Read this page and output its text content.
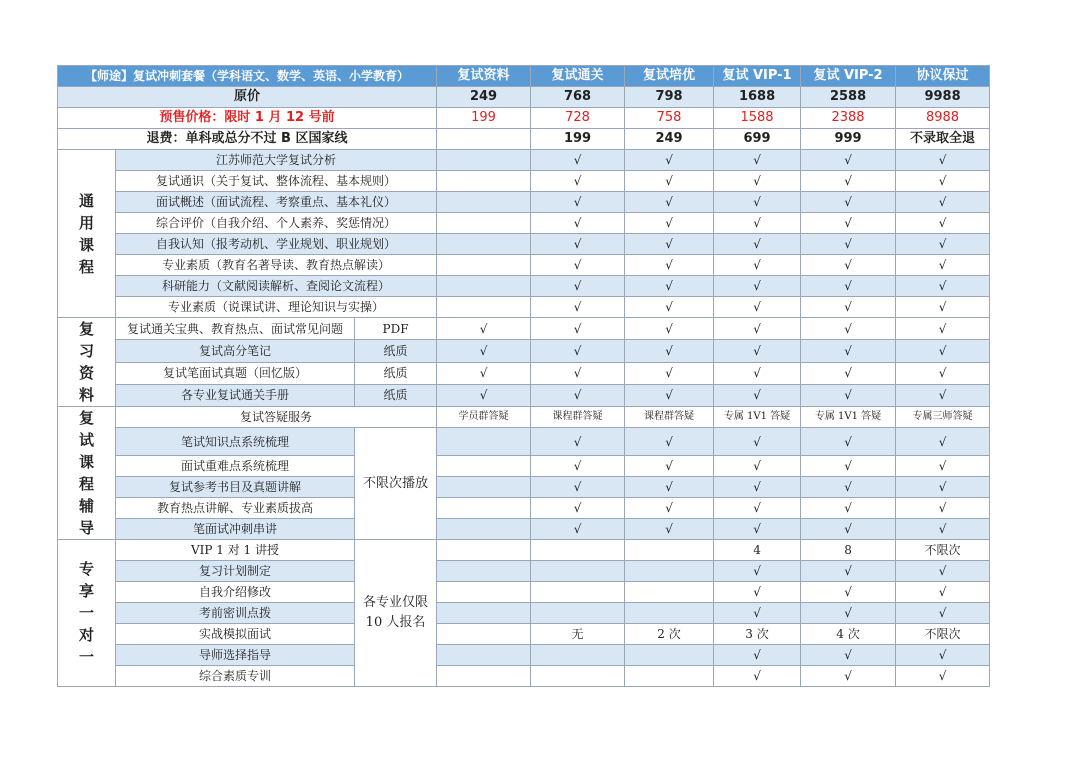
【师途】复试冲刺套餐（学科语文、数学、英语、小学教育）			复试资料	复试通关	复试培优	复试 VIP-1	复试 VIP-2	协议保过
原价			249	768	798	1688	2588	9988
预售价格：限时 1 月 12 号前			199	728	758	1588	2388	8988
退费：单科或总分不过 B 区国家线				199	249	699	999	不录取全退
通用课程	江苏师范大学复试分析			√	√	√	√	√
	复试通识（关于复试、整体流程、基本规则）			√	√	√	√	√
	面试概述（面试流程、考察重点、基本礼仪）			√	√	√	√	√
	综合评价（自我介绍、个人素养、奖惩情况）			√	√	√	√	√
	自我认知（报考动机、学业规划、职业规划）			√	√	√	√	√
	专业素质（教育名著导读、教育热点解读）			√	√	√	√	√
	科研能力（文献阅读解析、查阅论文流程）			√	√	√	√	√
	专业素质（说课试讲、理论知识与实操）			√	√	√	√	√
复习资料	复试通关宝典、教育热点、面试常见问题	PDF	√	√	√	√	√	√
	复试高分笔记	纸质	√	√	√	√	√	√
	复试笔面试真题（回忆版）	纸质	√	√	√	√	√	√
	各专业复试通关手册	纸质	√	√	√	√	√	√
复试课程辅导	复试答疑服务		学员群答疑	课程群答疑	课程群答疑	专属 1V1 答疑	专属 1V1 答疑	专属三师答疑
	笔试知识点系统梳理	不限次播放		√	√	√	√	√
	面试重难点系统梳理			√	√	√	√	√
	复试参考书目及真题讲解			√	√	√	√	√
	教育热点讲解、专业素质拔高			√	√	√	√	√
	笔面试冲刺串讲			√	√	√	√	√
专享一对一	VIP 1 对 1 讲授	各专业仅限 10 人报名				4	8	不限次
	复习计划制定					√	√	√
	自我介绍修改					√	√	√
	考前密训点拨					√	√	√
	实战模拟面试			无	2 次	3 次	4 次	不限次
	导师选择指导					√	√	√
	综合素质专训					√	√	√
